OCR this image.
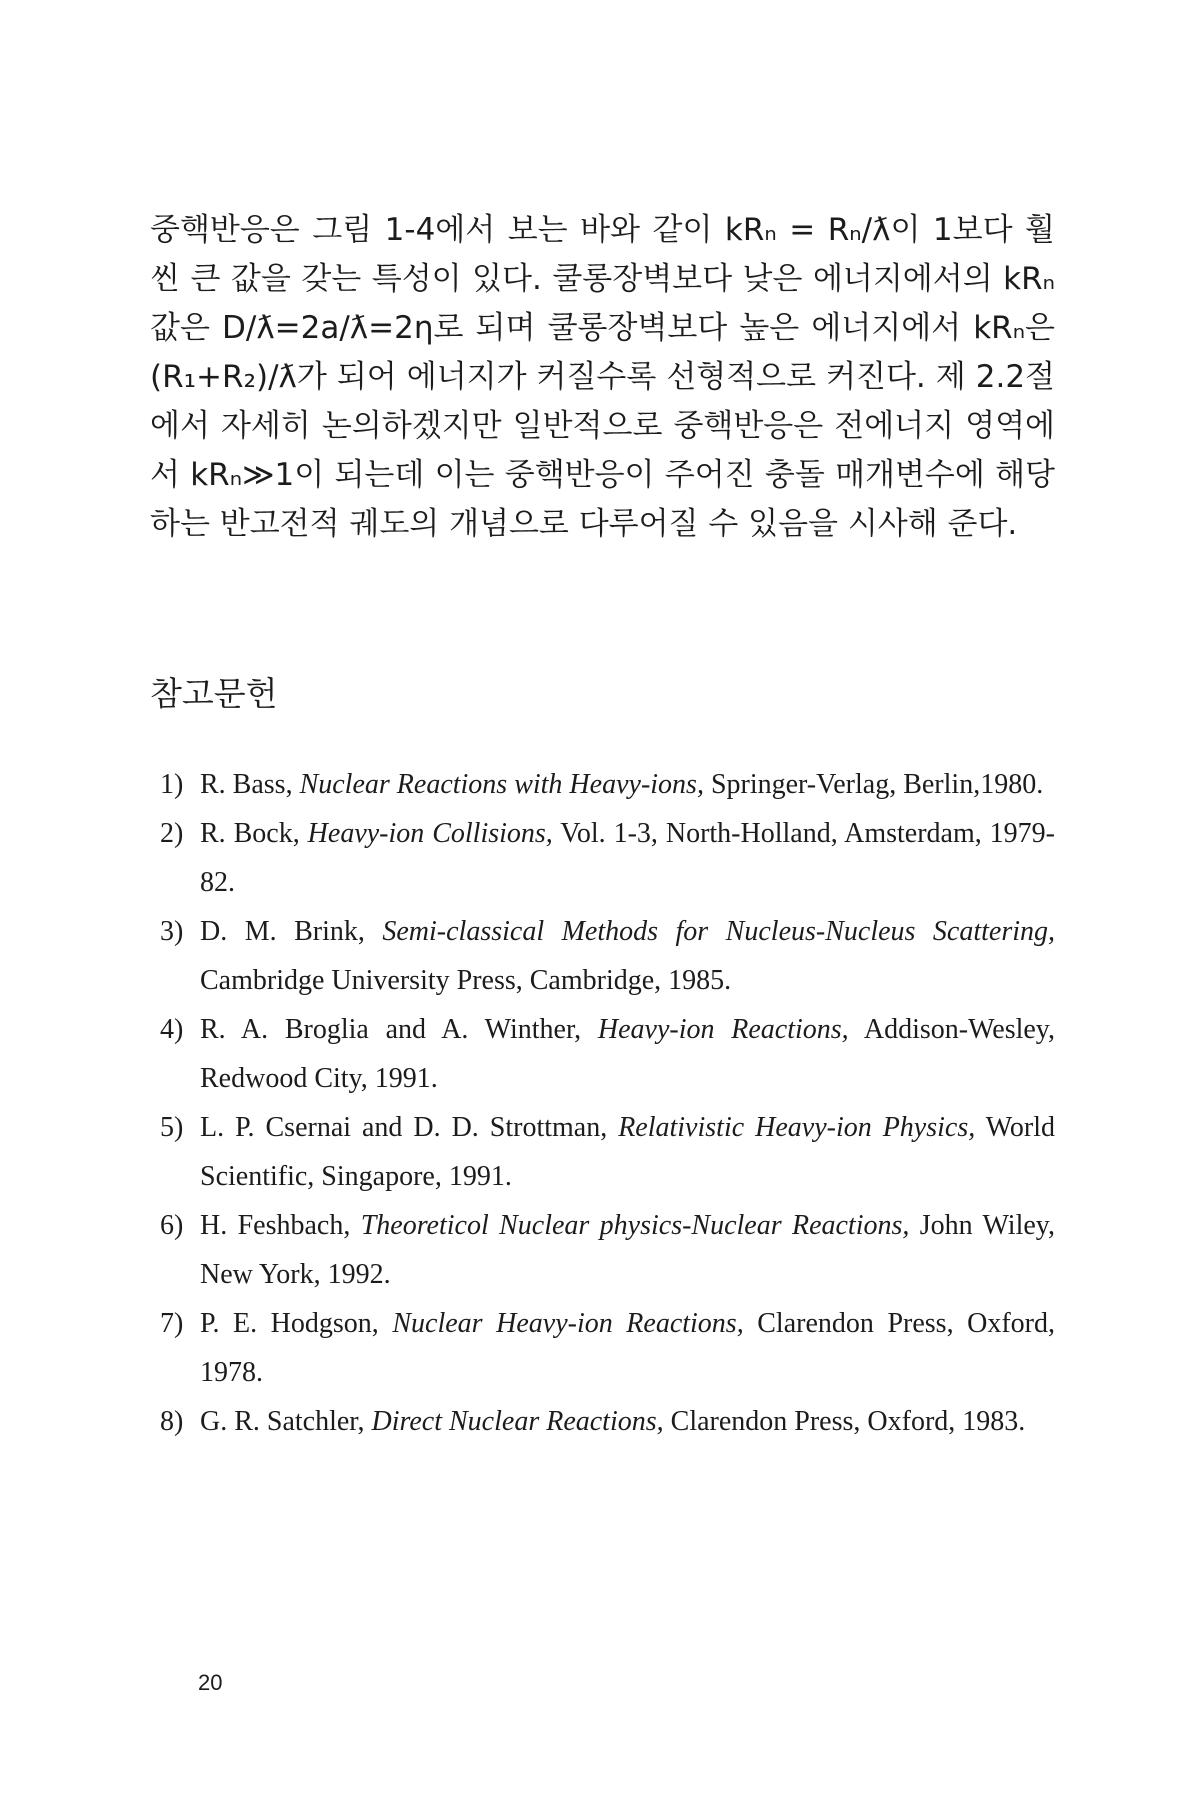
중핵반응은 그림 1-4에서 보는 바와 같이 kRₙ = Rₙ/ƛ이 1보다 훨씬 큰 값을 갖는 특성이 있다. 쿨롱장벽보다 낮은 에너지에서의 kRₙ값은 D/ƛ=2a/ƛ=2η로 되며 쿨롱장벽보다 높은 에너지에서 kRₙ은 (R₁+R₂)/ƛ가 되어 에너지가 커질수록 선형적으로 커진다. 제 2.2절에서 자세히 논의하겠지만 일반적으로 중핵반응은 전에너지 영역에서 kRₙ≫1이 되는데 이는 중핵반응이 주어진 충돌 매개변수에 해당하는 반고전적 궤도의 개념으로 다루어질 수 있음을 시사해 준다.

참고문헌
1) R. Bass, Nuclear Reactions with Heavy-ions, Springer-Verlag, Berlin,1980.
2) R. Bock, Heavy-ion Collisions, Vol. 1-3, North-Holland, Amsterdam, 1979-82.
3) D. M. Brink, Semi-classical Methods for Nucleus-Nucleus Scattering, Cambridge University Press, Cambridge, 1985.
4) R. A. Broglia and A. Winther, Heavy-ion Reactions, Addison-Wesley, Redwood City, 1991.
5) L. P. Csernai and D. D. Strottman, Relativistic Heavy-ion Physics, World Scientific, Singapore, 1991.
6) H. Feshbach, Theoreticol Nuclear physics-Nuclear Reactions, John Wiley, New York, 1992.
7) P. E. Hodgson, Nuclear Heavy-ion Reactions, Clarendon Press, Oxford, 1978.
8) G. R. Satchler, Direct Nuclear Reactions, Clarendon Press, Oxford, 1983.
20
